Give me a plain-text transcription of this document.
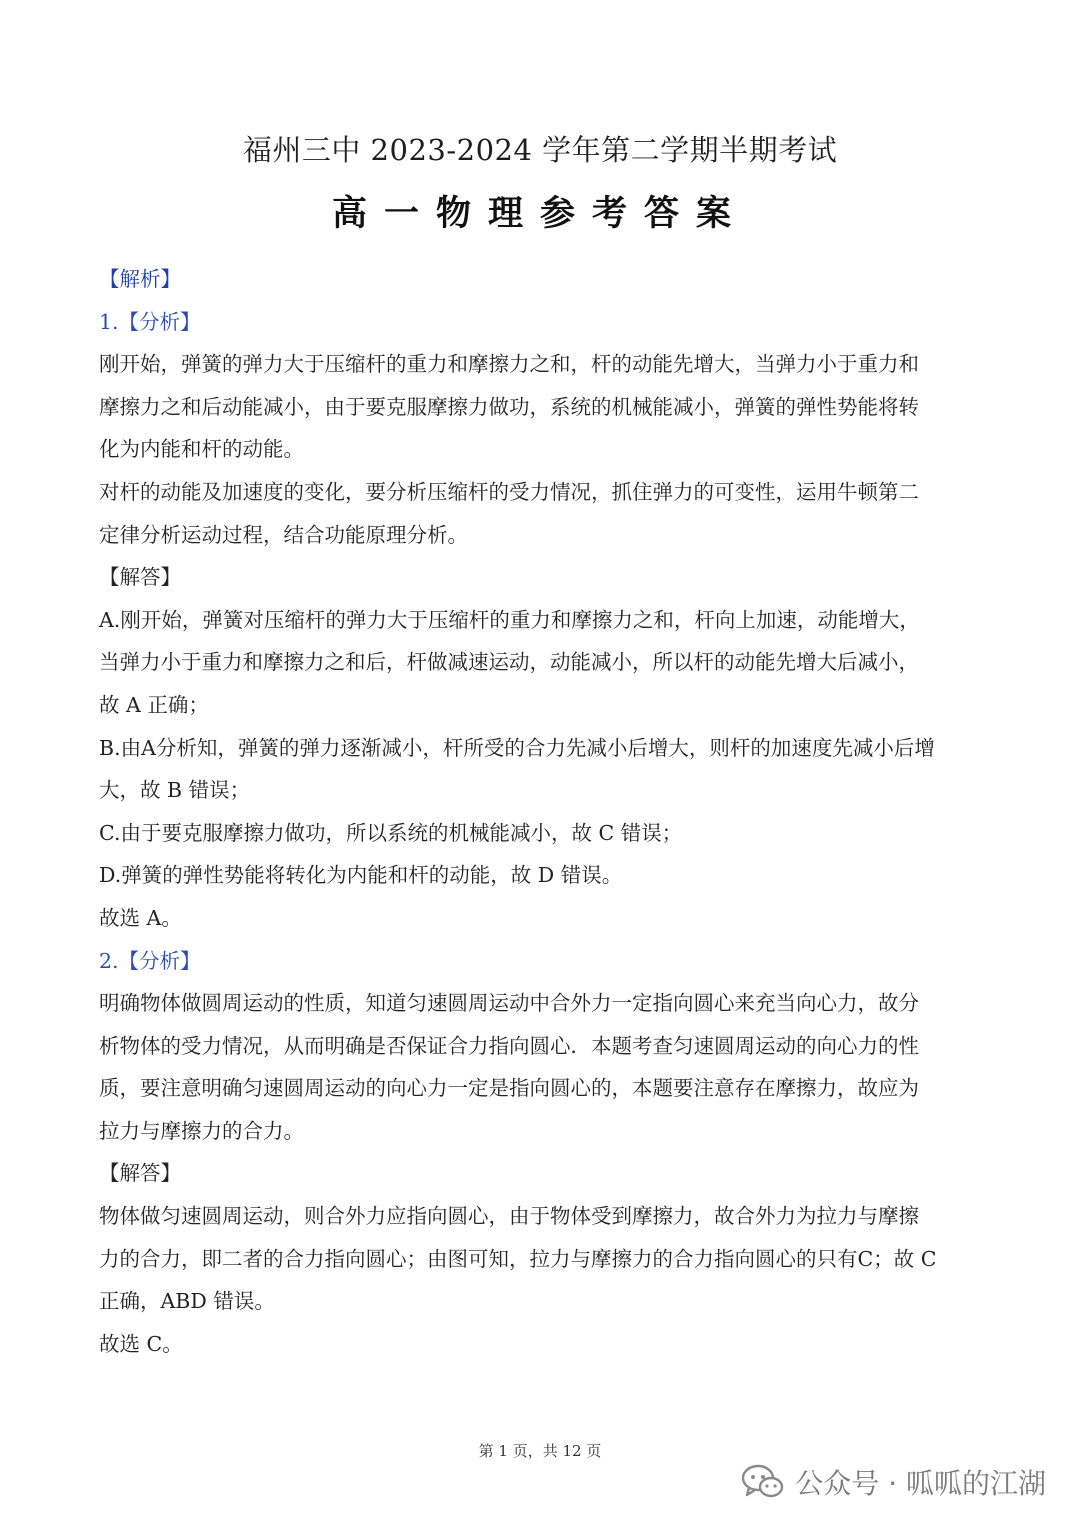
福州三中 2023-2024 学年第二学期半期考试
高一物理参考答案
【解析】
1.【分析】
刚开始，弹簧的弹力大于压缩杆的重力和摩擦力之和，杆的动能先增大，当弹力小于重力和
摩擦力之和后动能减小，由于要克服摩擦力做功，系统的机械能减小，弹簧的弹性势能将转
化为内能和杆的动能。
对杆的动能及加速度的变化，要分析压缩杆的受力情况，抓住弹力的可变性，运用牛顿第二
定律分析运动过程，结合功能原理分析。
【解答】
A.刚开始，弹簧对压缩杆的弹力大于压缩杆的重力和摩擦力之和，杆向上加速，动能增大，
当弹力小于重力和摩擦力之和后，杆做减速运动，动能减小，所以杆的动能先增大后减小，
故 A 正确；
B.由A分析知，弹簧的弹力逐渐减小，杆所受的合力先减小后增大，则杆的加速度先减小后增
大，故 B 错误；
C.由于要克服摩擦力做功，所以系统的机械能减小，故 C 错误；
D.弹簧的弹性势能将转化为内能和杆的动能，故 D 错误。
故选 A。
2.【分析】
明确物体做圆周运动的性质，知道匀速圆周运动中合外力一定指向圆心来充当向心力，故分
析物体的受力情况，从而明确是否保证合力指向圆心．本题考查匀速圆周运动的向心力的性
质，要注意明确匀速圆周运动的向心力一定是指向圆心的，本题要注意存在摩擦力，故应为
拉力与摩擦力的合力。
【解答】
物体做匀速圆周运动，则合外力应指向圆心，由于物体受到摩擦力，故合外力为拉力与摩擦
力的合力，即二者的合力指向圆心；由图可知，拉力与摩擦力的合力指向圆心的只有C；故 C
正确，ABD 错误。
故选 C。
第 1 页，共 12 页
公众号 · 呱呱的江湖
